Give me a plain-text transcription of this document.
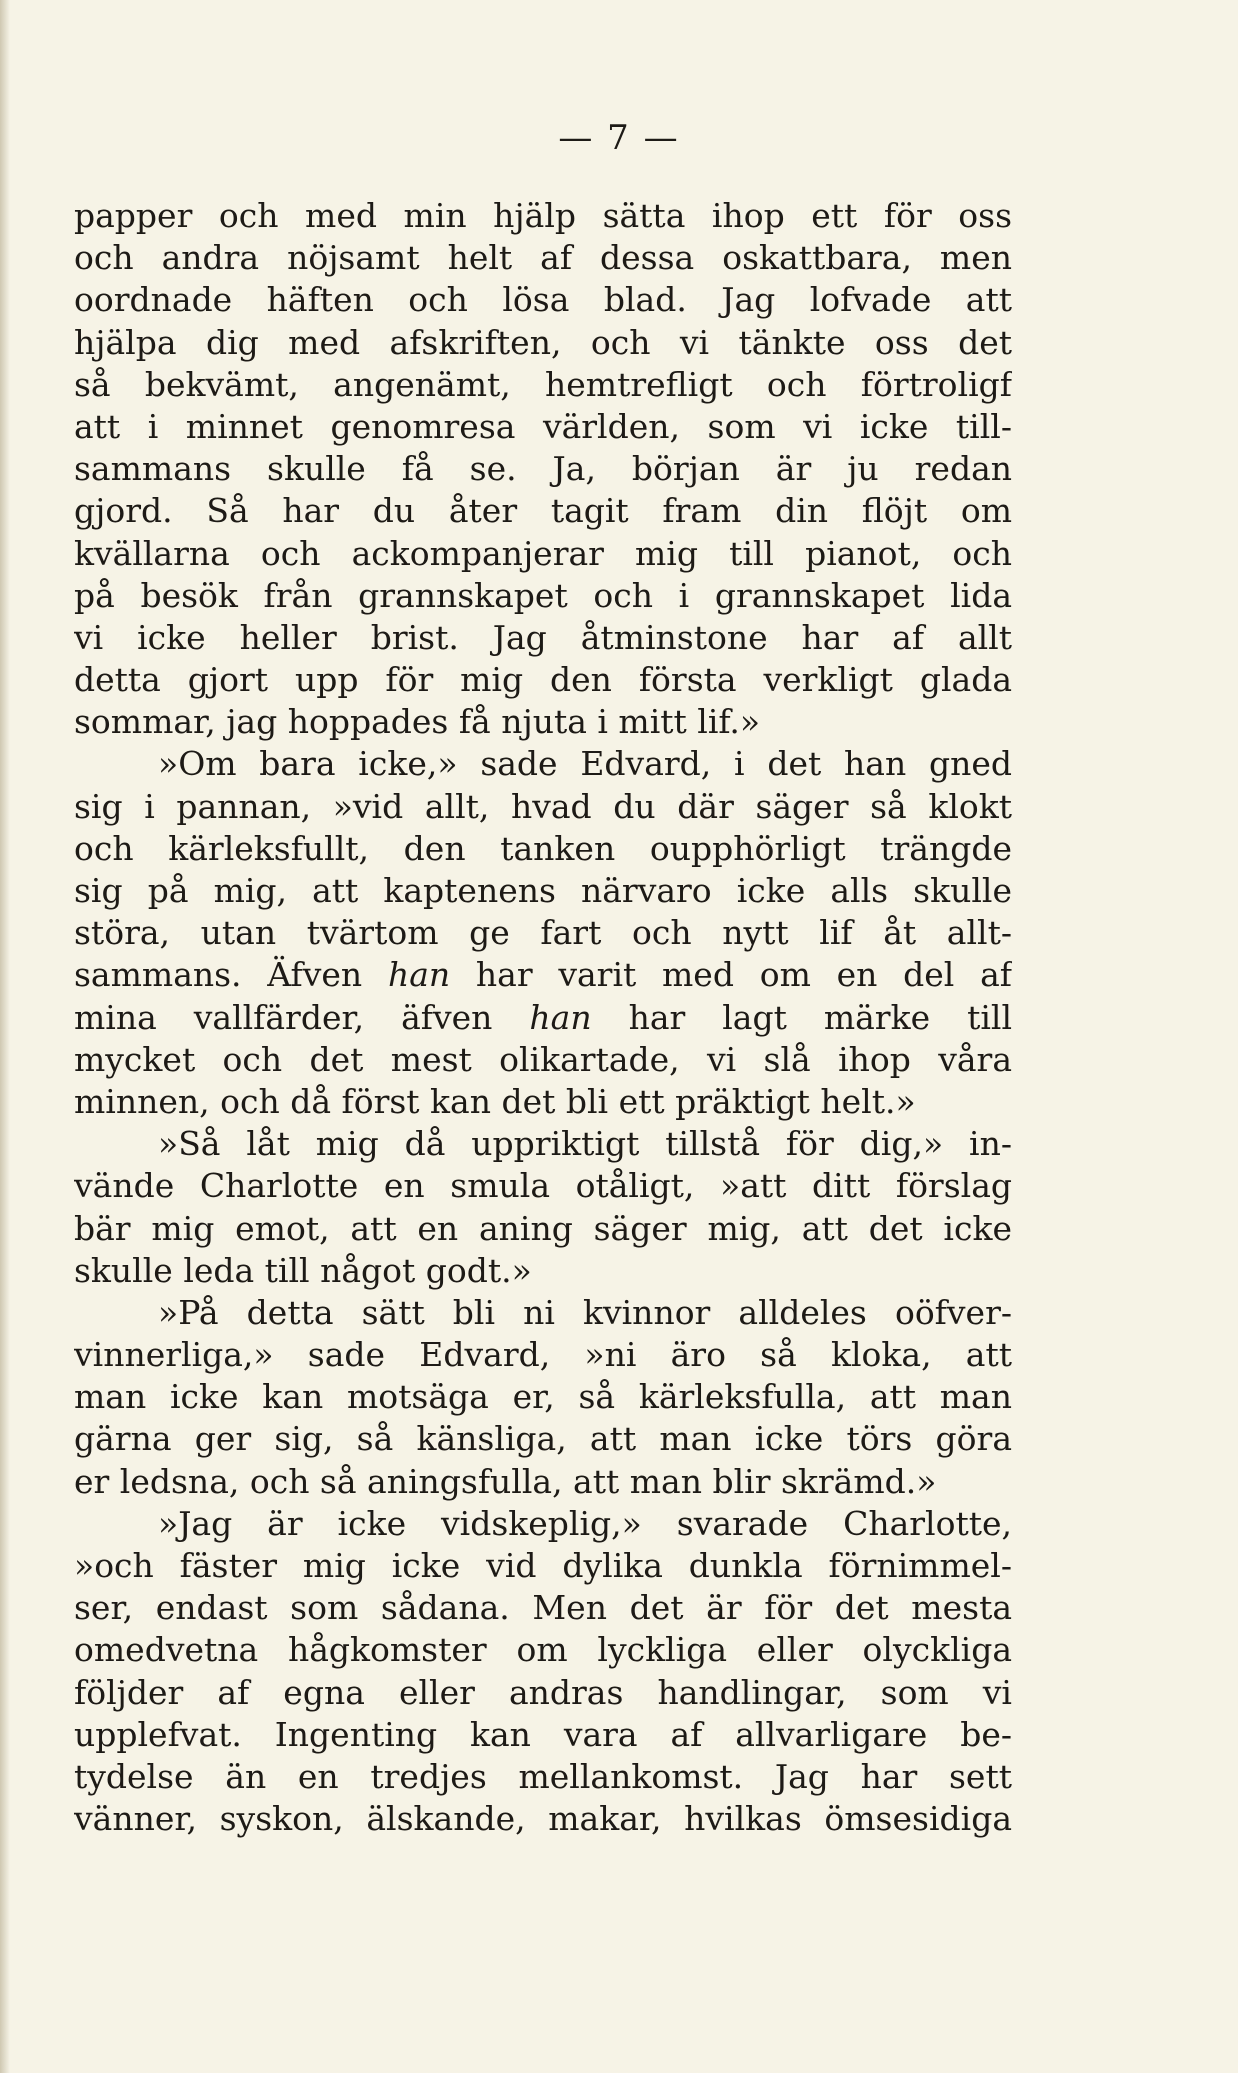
— 7 —
papper och med min hjälp sätta ihop ett för oss
och andra nöjsamt helt af dessa oskattbara, men
oordnade häften och lösa blad. Jag lofvade att
hjälpa dig med afskriften, och vi tänkte oss det
så bekvämt, angenämt, hemtrefligt och förtroligf
att i minnet genomresa världen, som vi icke till-
sammans skulle få se. Ja, början är ju redan
gjord. Så har du åter tagit fram din flöjt om
kvällarna och ackompanjerar mig till pianot, och
på besök från grannskapet och i grannskapet lida
vi icke heller brist. Jag åtminstone har af allt
detta gjort upp för mig den första verkligt glada
sommar, jag hoppades få njuta i mitt lif.»
»Om bara icke,» sade Edvard, i det han gned
sig i pannan, »vid allt, hvad du där säger så klokt
och kärleksfullt, den tanken oupphörligt trängde
sig på mig, att kaptenens närvaro icke alls skulle
störa, utan tvärtom ge fart och nytt lif åt allt-
sammans. Äfven han har varit med om en del af
mina vallfärder, äfven han har lagt märke till
mycket och det mest olikartade, vi slå ihop våra
minnen, och då först kan det bli ett präktigt helt.»
»Så låt mig då uppriktigt tillstå för dig,» in-
vände Charlotte en smula otåligt, »att ditt förslag
bär mig emot, att en aning säger mig, att det icke
skulle leda till något godt.»
»På detta sätt bli ni kvinnor alldeles oöfver-
vinnerliga,» sade Edvard, »ni äro så kloka, att
man icke kan motsäga er, så kärleksfulla, att man
gärna ger sig, så känsliga, att man icke törs göra
er ledsna, och så aningsfulla, att man blir skrämd.»
»Jag är icke vidskeplig,» svarade Charlotte,
»och fäster mig icke vid dylika dunkla förnimmel-
ser, endast som sådana. Men det är för det mesta
omedvetna hågkomster om lyckliga eller olyckliga
följder af egna eller andras handlingar, som vi
upplefvat. Ingenting kan vara af allvarligare be-
tydelse än en tredjes mellankomst. Jag har sett
vänner, syskon, älskande, makar, hvilkas ömsesidiga
